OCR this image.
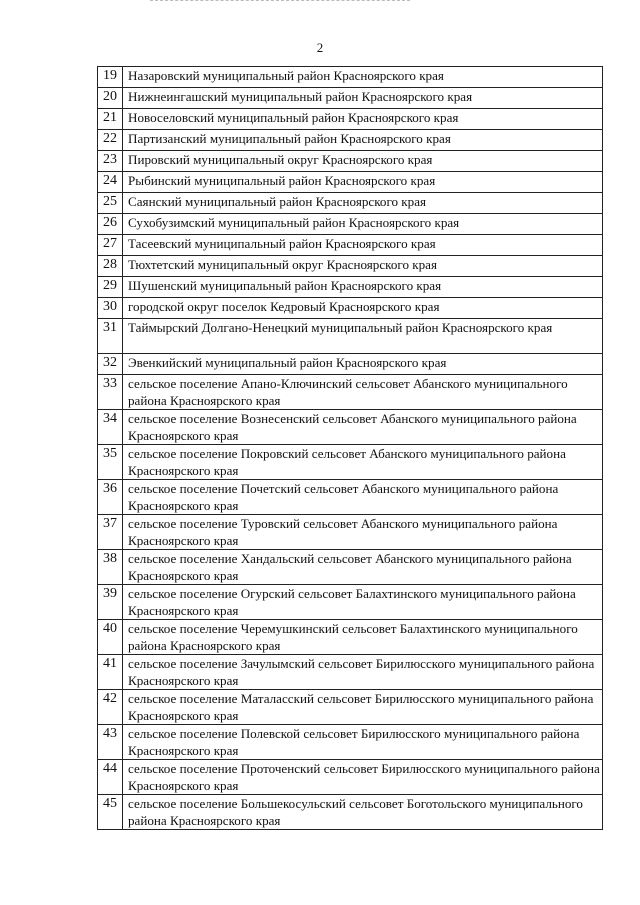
2
19	Назаровский муниципальный район Красноярского края
20	Нижнеингашский муниципальный район Красноярского края
21	Новоселовский муниципальный район Красноярского края
22	Партизанский муниципальный район Красноярского края
23	Пировский муниципальный округ Красноярского края
24	Рыбинский муниципальный район Красноярского края
25	Саянский муниципальный район Красноярского края
26	Сухобузимский муниципальный район Красноярского края
27	Тасеевский муниципальный район Красноярского края
28	Тюхтетский муниципальный округ Красноярского края
29	Шушенский муниципальный район Красноярского края
30	городской округ поселок Кедровый Красноярского края
31	Таймырский Долгано-Ненецкий муниципальный район Красноярского края
32	Эвенкийский муниципальный район Красноярского края
33	сельское поселение Апано-Ключинский сельсовет Абанского муниципального района Красноярского края
34	сельское поселение Вознесенский сельсовет Абанского муниципального района Красноярского края
35	сельское поселение Покровский сельсовет Абанского муниципального района Красноярского края
36	сельское поселение Почетский сельсовет Абанского муниципального района Красноярского края
37	сельское поселение Туровский сельсовет Абанского муниципального района Красноярского края
38	сельское поселение Хандальский сельсовет Абанского муниципального района Красноярского края
39	сельское поселение Огурский сельсовет Балахтинского муниципального района Красноярского края
40	сельское поселение Черемушкинский сельсовет Балахтинского муниципального района Красноярского края
41	сельское поселение Зачулымский сельсовет Бирилюсского муниципального района Красноярского края
42	сельское поселение Маталасский сельсовет Бирилюсского муниципального района Красноярского края
43	сельское поселение Полевской сельсовет Бирилюсского муниципального района Красноярского края
44	сельское поселение Проточенский сельсовет Бирилюсского муниципального района Красноярского края
45	сельское поселение Большекосульский сельсовет Боготольского муниципального района Красноярского края
